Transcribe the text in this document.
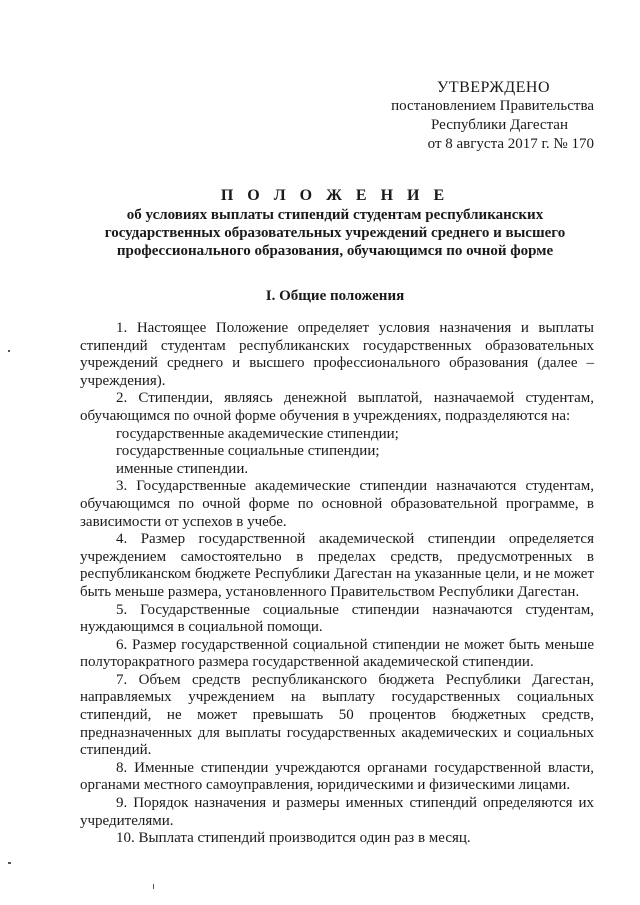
УТВЕРЖДЕНО
постановлением Правительства
Республики Дагестан
от 8 августа 2017 г. № 170
П О Л О Ж Е Н И Е
об условиях выплаты стипендий студентам республиканских
государственных образовательных учреждений среднего и высшего
профессионального образования, обучающимся по очной форме
I. Общие положения

1. Настоящее Положение определяет условия назначения и выплаты стипендий студентам республиканских государственных образовательных учреждений среднего и высшего профессионального образования (далее – учреждения).

2. Стипендии, являясь денежной выплатой, назначаемой студентам, обучающимся по очной форме обучения в учреждениях, подразделяются на:

государственные академические стипендии;

государственные социальные стипендии;

именные стипендии.

3. Государственные академические стипендии назначаются студентам, обучающимся по очной форме по основной образовательной программе, в зависимости от успехов в учебе.

4. Размер государственной академической стипендии определяется учреждением самостоятельно в пределах средств, предусмотренных в республиканском бюджете Республики Дагестан на указанные цели, и не может быть меньше размера, установленного Правительством Республики Дагестан.

5. Государственные социальные стипендии назначаются студентам, нуждающимся в социальной помощи.

6. Размер государственной социальной стипендии не может быть меньше полуторакратного размера государственной академической стипендии.

7. Объем средств республиканского бюджета Республики Дагестан, направляемых учреждением на выплату государственных социальных стипендий, не может превышать 50 процентов бюджетных средств, предназначенных для выплаты государственных академических и социальных стипендий.

8. Именные стипендии учреждаются органами государственной власти, органами местного самоуправления, юридическими и физическими лицами.

9. Порядок назначения и размеры именных стипендий определяются их учредителями.

10. Выплата стипендий производится один раз в месяц.
